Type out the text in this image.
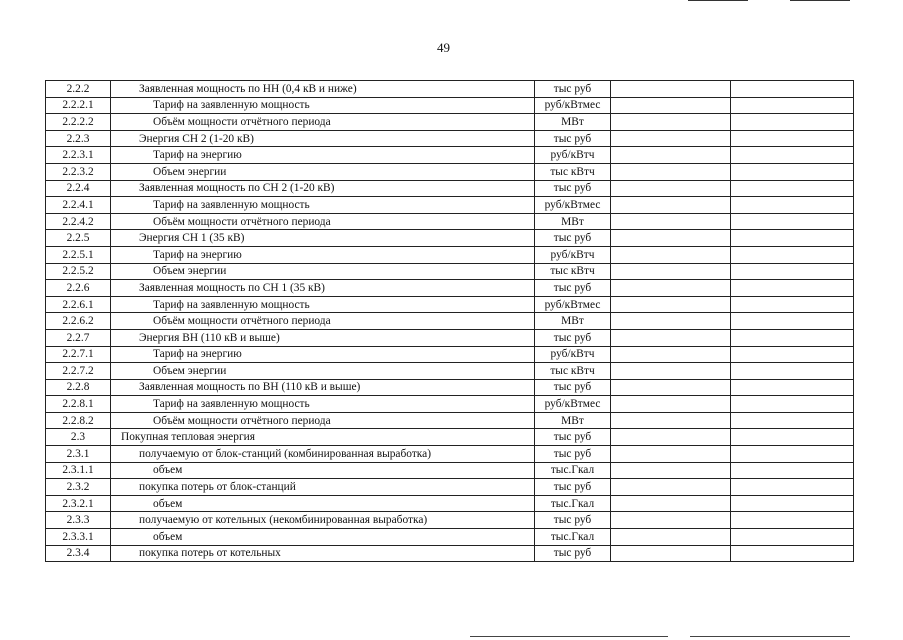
49
2.2.2	Заявленная мощность по НН (0,4 кВ и ниже)	тыс руб		
2.2.2.1	Тариф на заявленную мощность	руб/кВтмес		
2.2.2.2	Объём мощности отчётного периода	МВт		
2.2.3	Энергия СН 2 (1-20 кВ)	тыс руб		
2.2.3.1	Тариф на энергию	руб/кВтч		
2.2.3.2	Объем энергии	тыс кВтч		
2.2.4	Заявленная мощность по СН 2 (1-20 кВ)	тыс руб		
2.2.4.1	Тариф на заявленную мощность	руб/кВтмес		
2.2.4.2	Объём мощности отчётного периода	МВт		
2.2.5	Энергия СН 1 (35 кВ)	тыс руб		
2.2.5.1	Тариф на энергию	руб/кВтч		
2.2.5.2	Объем энергии	тыс кВтч		
2.2.6	Заявленная мощность по СН 1 (35 кВ)	тыс руб		
2.2.6.1	Тариф на заявленную мощность	руб/кВтмес		
2.2.6.2	Объём мощности отчётного периода	МВт		
2.2.7	Энергия ВН (110 кВ и выше)	тыс руб		
2.2.7.1	Тариф на энергию	руб/кВтч		
2.2.7.2	Объем энергии	тыс кВтч		
2.2.8	Заявленная мощность по ВН (110 кВ и выше)	тыс руб		
2.2.8.1	Тариф на заявленную мощность	руб/кВтмес		
2.2.8.2	Объём мощности отчётного периода	МВт		
2.3	Покупная тепловая энергия	тыс руб		
2.3.1	получаемую от блок-станций (комбинированная выработка)	тыс руб		
2.3.1.1	объем	тыс.Гкал		
2.3.2	покупка потерь от блок-станций	тыс руб		
2.3.2.1	объем	тыс.Гкал		
2.3.3	получаемую от котельных (некомбинированная выработка)	тыс руб		
2.3.3.1	объем	тыс.Гкал		
2.3.4	покупка потерь от котельных	тыс руб		
